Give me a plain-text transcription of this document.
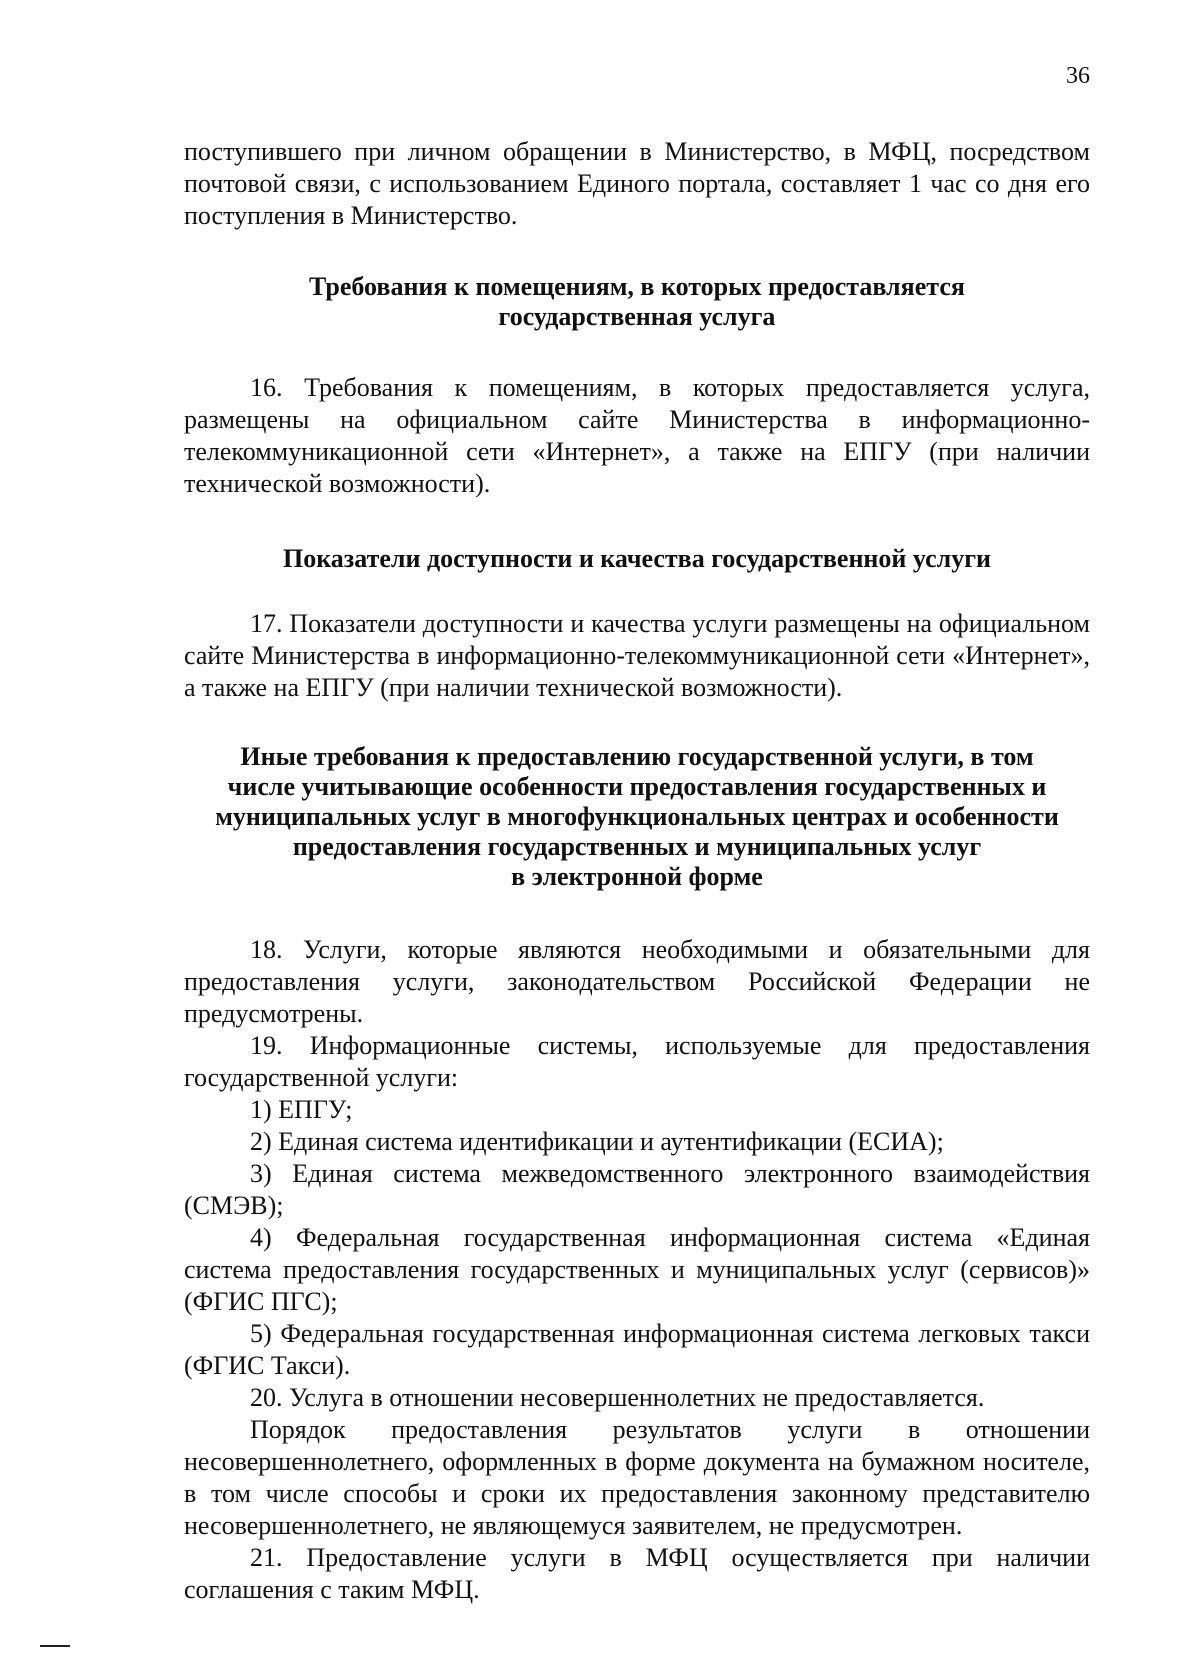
36

поступившего при личном обращении в Министерство, в МФЦ, посредством почтовой связи, с использованием Единого портала, составляет 1 час со дня его поступления в Министерство.

Требования к помещениям, в которых предоставляется
государственная услуга

16. Требования к помещениям, в которых предоставляется услуга, размещены на официальном сайте Министерства в информационно-телекоммуникационной сети «Интернет», а также на ЕПГУ (при наличии технической возможности).

Показатели доступности и качества государственной услуги

17. Показатели доступности и качества услуги размещены на официальном сайте Министерства в информационно-телекоммуникационной сети «Интернет», а также на ЕПГУ (при наличии технической возможности).

Иные требования к предоставлению государственной услуги, в том
числе учитывающие особенности предоставления государственных и
муниципальных услуг в многофункциональных центрах и особенности
предоставления государственных и муниципальных услуг
в электронной форме

18. Услуги, которые являются необходимыми и обязательными для предоставления услуги, законодательством Российской Федерации не предусмотрены.

19. Информационные системы, используемые для предоставления государственной услуги:

1) ЕПГУ;

2) Единая система идентификации и аутентификации (ЕСИА);

3) Единая система межведомственного электронного взаимодействия (СМЭВ);

4) Федеральная государственная информационная система «Единая система предоставления государственных и муниципальных услуг (сервисов)» (ФГИС ПГС);

5) Федеральная государственная информационная система легковых такси (ФГИС Такси).

20. Услуга в отношении несовершеннолетних не предоставляется.

Порядок предоставления результатов услуги в отношении несовершеннолетнего, оформленных в форме документа на бумажном носителе, в том числе способы и сроки их предоставления законному представителю несовершеннолетнего, не являющемуся заявителем, не предусмотрен.

21. Предоставление услуги в МФЦ осуществляется при наличии соглашения с таким МФЦ.
